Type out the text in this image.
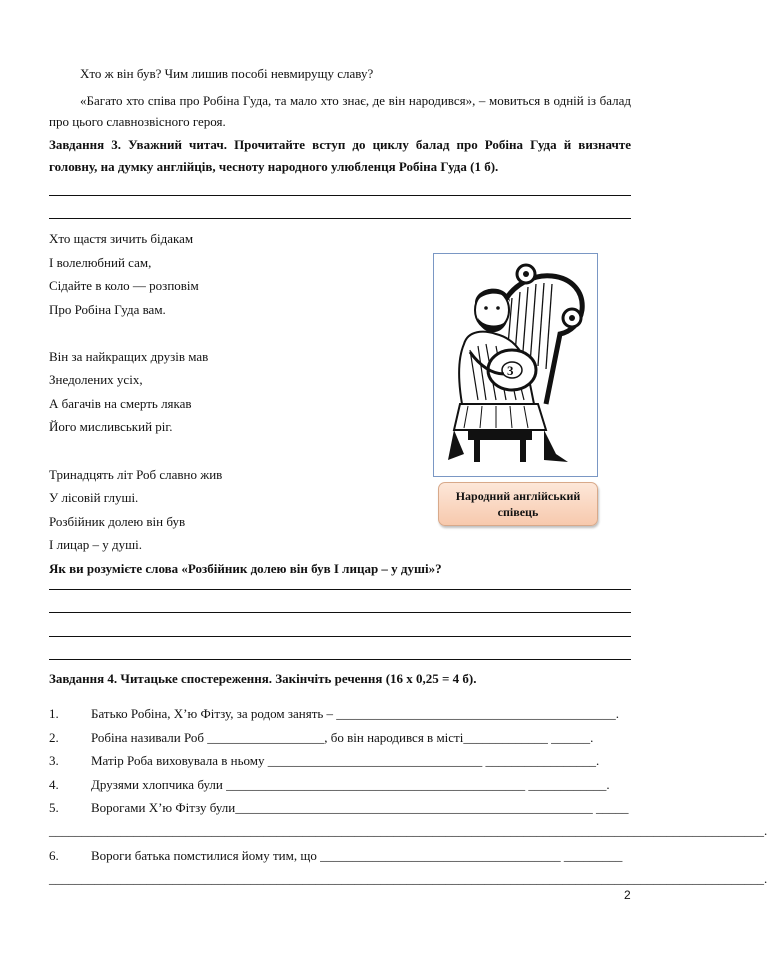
Хто ж він був? Чим лишив пособі невмирущу славу?
«Багато хто співа про Робіна Гуда, та мало хто знає, де він народився», – мовиться в одній із балад про цього славнозвісного героя.
Завдання 3. Уважний читач. Прочитайте вступ до циклу балад про Робіна Гуда й визначте головну, на думку англійців, чесноту народного улюбленця Робіна Гуда (1 б).
Хто щастя зичить бідакам
І волелюбний сам,
Сідайте в коло — розповім
Про Робіна Гуда вам.
Він за найкращих друзів мав
Знедолених усіх,
А багачів на смерть лякав
Його мисливський ріг.
Тринадцять літ Роб славно жив
У лісовій глуші.
Розбійник долею він був
І лицар – у душі.
3
Народний англійський співець
Як ви розумієте слова «Розбійник долею він був І лицар – у душі»?
Завдання 4. Читацьке спостереження. Закінчіть речення (16 х 0,25 = 4 б).
1. Батько Робіна, Х’ю Фітзу, за родом занять – ___________________________________________.
2. Робіна називали Роб __________________, бо він народився в місті_____________ ______.
3. Матір Роба виховувала в ньому _________________________________ _________________.
4. Друзями хлопчика були ______________________________________________ ____________.
5. Ворогами Х’ю Фітзу були_______________________________________________________ _____
______________________________________________________________________________________________________________.
6. Вороги батька помстилися йому тим, що _____________________________________ _________
______________________________________________________________________________________________________________.
2
